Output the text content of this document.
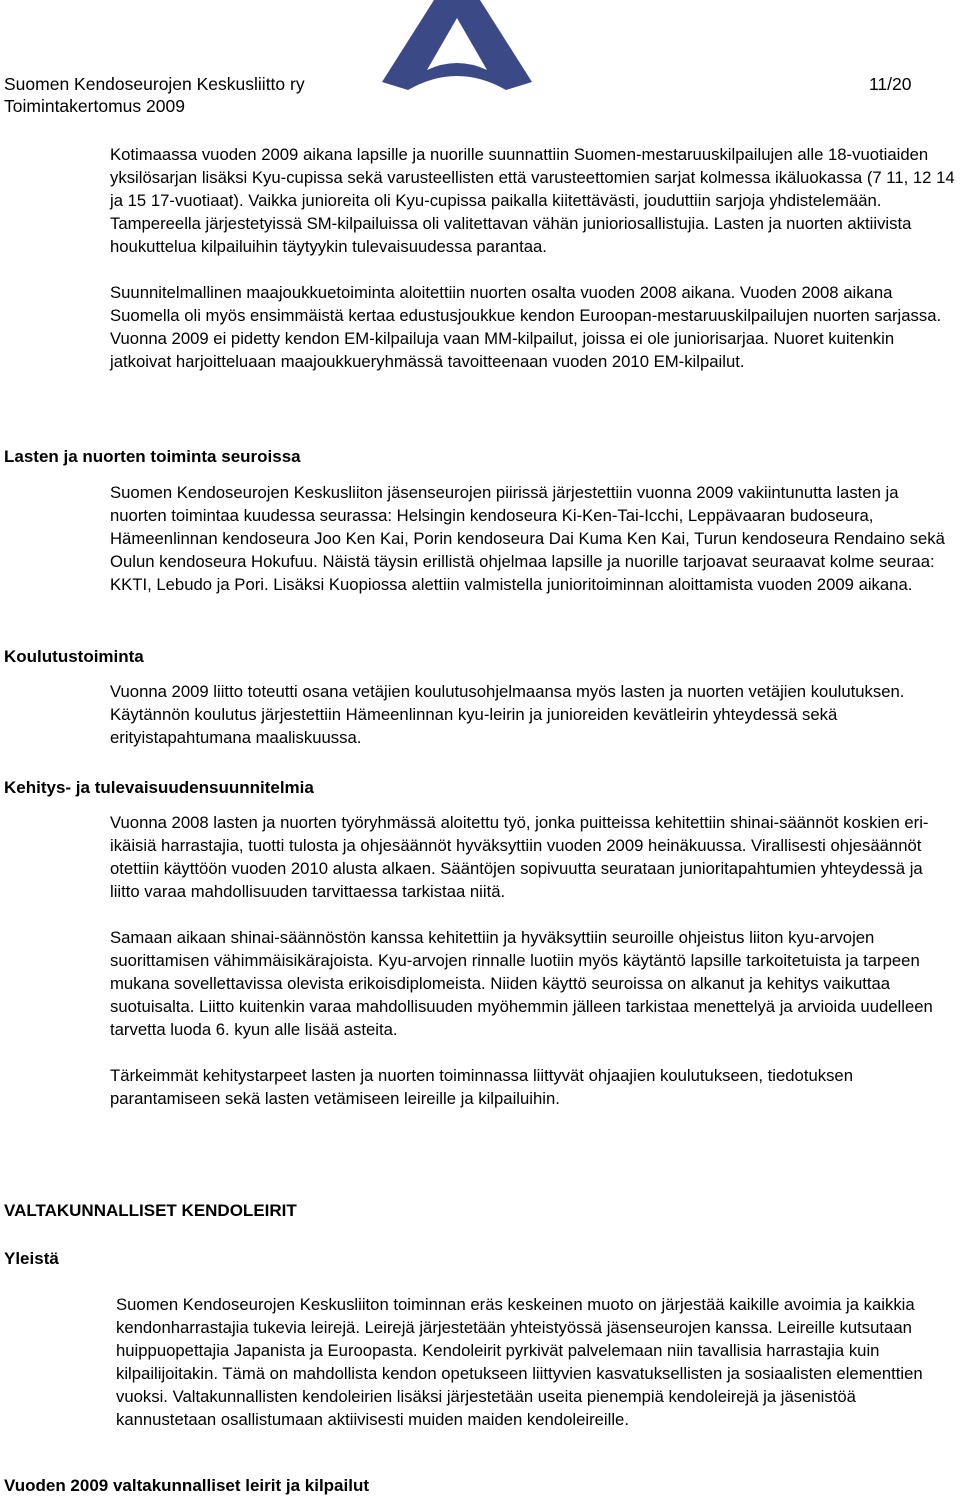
Suomen Kendoseurojen Keskusliitto ry
Toimintakertomus 2009
11/20

Kotimaassa vuoden 2009 aikana lapsille ja nuorille suunnattiin Suomen-mestaruuskilpailujen alle 18-vuotiaiden yksilösarjan lisäksi Kyu-cupissa sekä varusteellisten että varusteettomien sarjat kolmessa ikäluokassa (7 11, 12 14 ja 15 17-vuotiaat). Vaikka junioreita oli Kyu-cupissa paikalla kiitettävästi, jouduttiin sarjoja yhdistelemään. Tampereella järjestetyissä SM-kilpailuissa oli valitettavan vähän junioriosallistujia. Lasten ja nuorten aktiivista houkuttelua kilpailuihin täytyykin tulevaisuudessa parantaa.

Suunnitelmallinen maajoukkuetoiminta aloitettiin nuorten osalta vuoden 2008 aikana. Vuoden 2008 aikana Suomella oli myös ensimmäistä kertaa edustusjoukkue kendon Euroopan-mestaruuskilpailujen nuorten sarjassa. Vuonna 2009 ei pidetty kendon EM-kilpailuja vaan MM-kilpailut, joissa ei ole juniorisarjaa. Nuoret kuitenkin jatkoivat harjoitteluaan maajoukkueryhmässä tavoitteenaan vuoden 2010 EM-kilpailut.

Lasten ja nuorten toiminta seuroissa

Suomen Kendoseurojen Keskusliiton jäsenseurojen piirissä järjestettiin vuonna 2009 vakiintunutta lasten ja nuorten toimintaa kuudessa seurassa: Helsingin kendoseura Ki-Ken-Tai-Icchi, Leppävaaran budoseura, Hämeenlinnan kendoseura Joo Ken Kai, Porin kendoseura Dai Kuma Ken Kai, Turun kendoseura Rendaino sekä Oulun kendoseura Hokufuu. Näistä täysin erillistä ohjelmaa lapsille ja nuorille tarjoavat seuraavat kolme seuraa: KKTI, Lebudo ja Pori. Lisäksi Kuopiossa alettiin valmistella junioritoiminnan aloittamista vuoden 2009 aikana.

Koulutustoiminta

Vuonna 2009 liitto toteutti osana vetäjien koulutusohjelmaansa myös lasten ja nuorten vetäjien koulutuksen. Käytännön koulutus järjestettiin Hämeenlinnan kyu-leirin ja junioreiden kevätleirin yhteydessä sekä erityistapahtumana maaliskuussa.

Kehitys- ja tulevaisuudensuunnitelmia

Vuonna 2008 lasten ja nuorten työryhmässä aloitettu työ, jonka puitteissa kehitettiin shinai-säännöt koskien eri-ikäisiä harrastajia, tuotti tulosta ja ohjesäännöt hyväksyttiin vuoden 2009 heinäkuussa. Virallisesti ohjesäännöt otettiin käyttöön vuoden 2010 alusta alkaen. Sääntöjen sopivuutta seurataan junioritapahtumien yhteydessä ja liitto varaa mahdollisuuden tarvittaessa tarkistaa niitä.

Samaan aikaan shinai-säännöstön kanssa kehitettiin ja hyväksyttiin seuroille ohjeistus liiton kyu-arvojen suorittamisen vähimmäisikärajoista. Kyu-arvojen rinnalle luotiin myös käytäntö lapsille tarkoitetuista ja tarpeen mukana sovellettavissa olevista erikoisdiplomeista. Niiden käyttö seuroissa on alkanut ja kehitys vaikuttaa suotuisalta. Liitto kuitenkin varaa mahdollisuuden myöhemmin jälleen tarkistaa menettelyä ja arvioida uudelleen tarvetta luoda 6. kyun alle lisää asteita.

Tärkeimmät kehitystarpeet lasten ja nuorten toiminnassa liittyvät ohjaajien koulutukseen, tiedotuksen parantamiseen sekä lasten vetämiseen leireille ja kilpailuihin.

VALTAKUNNALLISET KENDOLEIRIT
Yleistä

Suomen Kendoseurojen Keskusliiton toiminnan eräs keskeinen muoto on järjestää kaikille avoimia ja kaikkia kendonharrastajia tukevia leirejä. Leirejä järjestetään yhteistyössä jäsenseurojen kanssa. Leireille kutsutaan huippuopettajia Japanista ja Euroopasta. Kendoleirit pyrkivät palvelemaan niin tavallisia harrastajia kuin kilpailijoitakin. Tämä on mahdollista kendon opetukseen liittyvien kasvatuksellisten ja sosiaalisten elementtien vuoksi. Valtakunnallisten kendoleirien lisäksi järjestetään useita pienempiä kendoleirejä ja jäsenistöä kannustetaan osallistumaan aktiivisesti muiden maiden kendoleireille.

Vuoden 2009 valtakunnalliset leirit ja kilpailut
